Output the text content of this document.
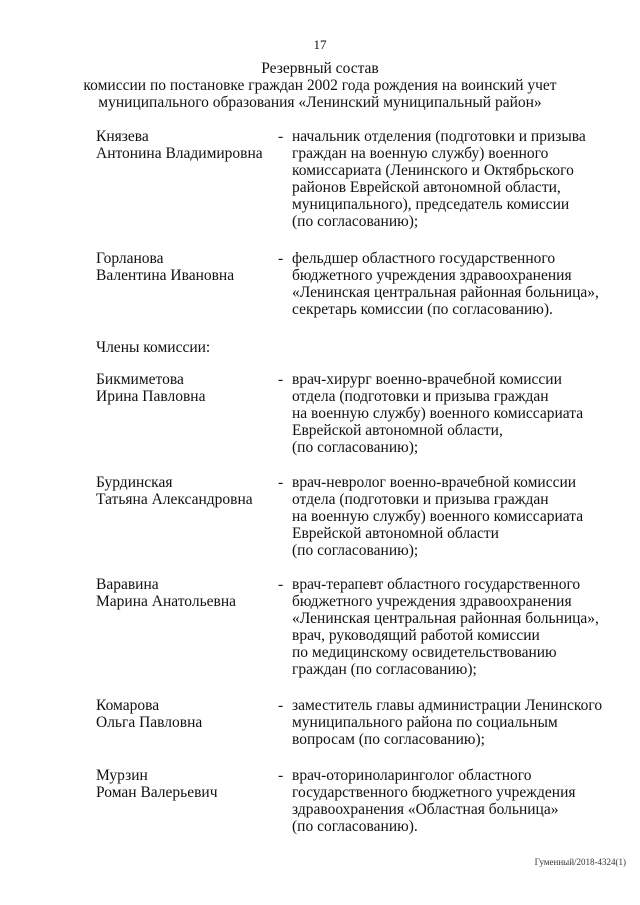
17
Резервный состав
комиссии по постановке граждан 2002 года рождения на воинский учет
муниципального образования «Ленинский муниципальный район»
Князева
Антонина Владимировна
- начальник отделения (подготовки и призыва
граждан на военную службу) военного
комиссариата (Ленинского и Октябрьского
районов Еврейской автономной области,
муниципального), председатель комиссии
(по согласованию);
Горланова
Валентина Ивановна
- фельдшер областного государственного
бюджетного учреждения здравоохранения
«Ленинская центральная районная больница»,
секретарь комиссии (по согласованию).
Члены комиссии:
Бикмиметова
Ирина Павловна
- врач-хирург военно-врачебной комиссии
отдела (подготовки и призыва граждан
на военную службу) военного комиссариата
Еврейской автономной области,
(по согласованию);
Бурдинская
Татьяна Александровна
- врач-невролог военно-врачебной комиссии
отдела (подготовки и призыва граждан
на военную службу) военного комиссариата
Еврейской автономной области
(по согласованию);
Варавина
Марина Анатольевна
- врач-терапевт областного государственного
бюджетного учреждения здравоохранения
«Ленинская центральная районная больница»,
врач, руководящий работой комиссии
по медицинскому освидетельствованию
граждан (по согласованию);
Комарова
Ольга Павловна
- заместитель главы администрации Ленинского
муниципального района по социальным
вопросам (по согласованию);
Мурзин
Роман Валерьевич
- врач-оториноларинголог областного
государственного бюджетного учреждения
здравоохранения «Областная больница»
(по согласованию).
Гуменный/2018-4324(1)
